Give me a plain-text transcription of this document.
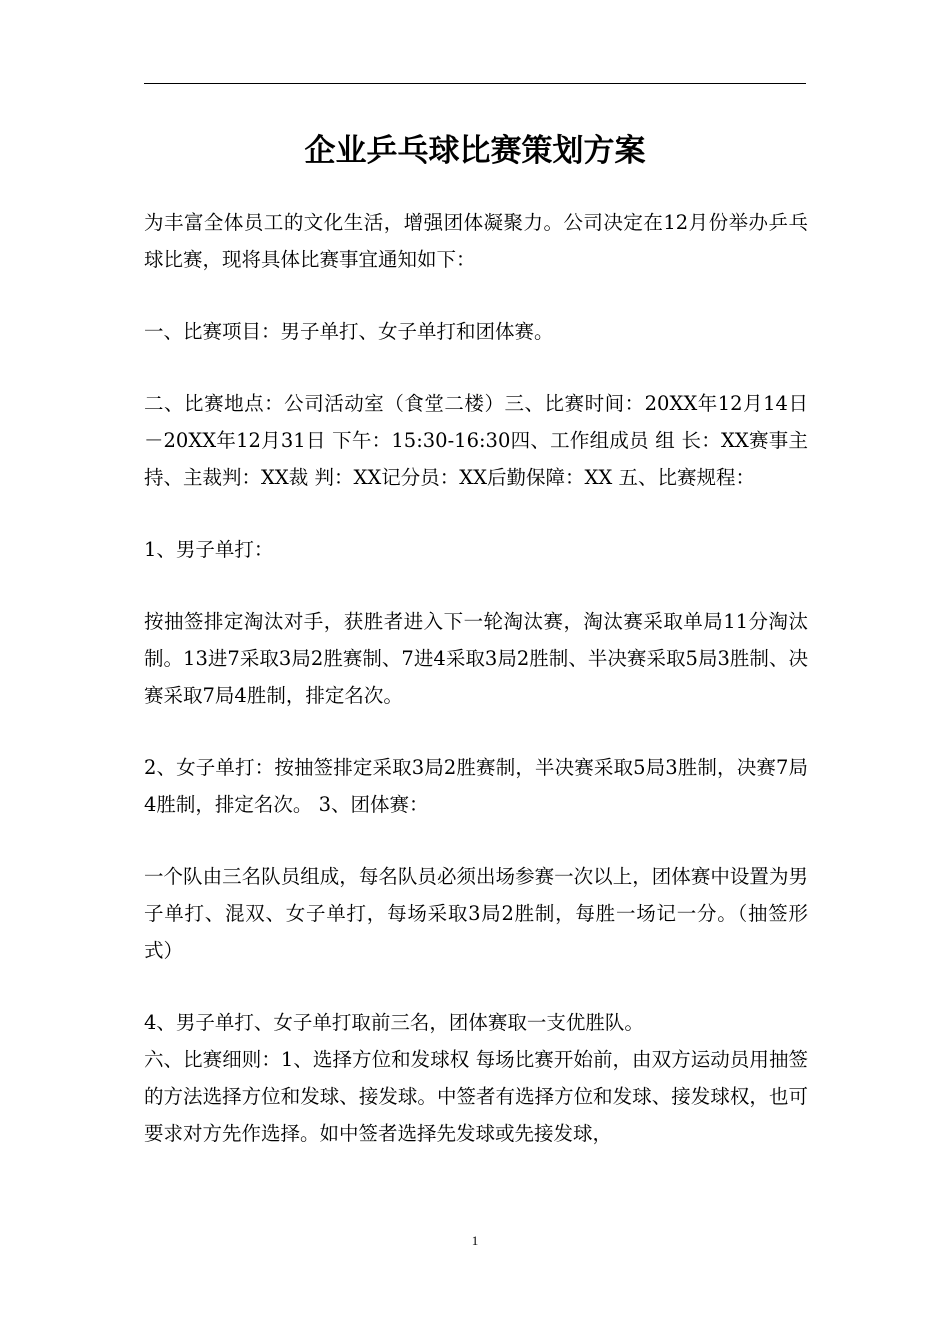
企业乒乓球比赛策划方案

为丰富全体员工的文化生活，增强团体凝聚力。公司决定在12月份举办乒乓球比赛，现将具体比赛事宜通知如下：

一、比赛项目：男子单打、女子单打和团体赛。

二、比赛地点：公司活动室（食堂二楼）三、比赛时间：20XX年12月14日－20XX年12月31日 下午：15:30-16:30四、工作组成员 组 长：XX赛事主持、主裁判：XX裁 判：XX记分员：XX后勤保障：XX 五、比赛规程：

1、男子单打：

按抽签排定淘汰对手，获胜者进入下一轮淘汰赛，淘汰赛采取单局11分淘汰制。13进7采取3局2胜赛制、7进4采取3局2胜制、半决赛采取5局3胜制、决赛采取7局4胜制，排定名次。

2、女子单打：按抽签排定采取3局2胜赛制，半决赛采取5局3胜制，决赛7局4胜制，排定名次。 3、团体赛：

一个队由三名队员组成，每名队员必须出场参赛一次以上，团体赛中设置为男子单打、混双、女子单打，每场采取3局2胜制，每胜一场记一分。（抽签形式）

4、男子单打、女子单打取前三名，团体赛取一支优胜队。

六、比赛细则：1、选择方位和发球权 每场比赛开始前，由双方运动员用抽签的方法选择方位和发球、接发球。中签者有选择方位和发球、接发球权，也可要求对方先作选择。如中签者选择先发球或先接发球，

1
